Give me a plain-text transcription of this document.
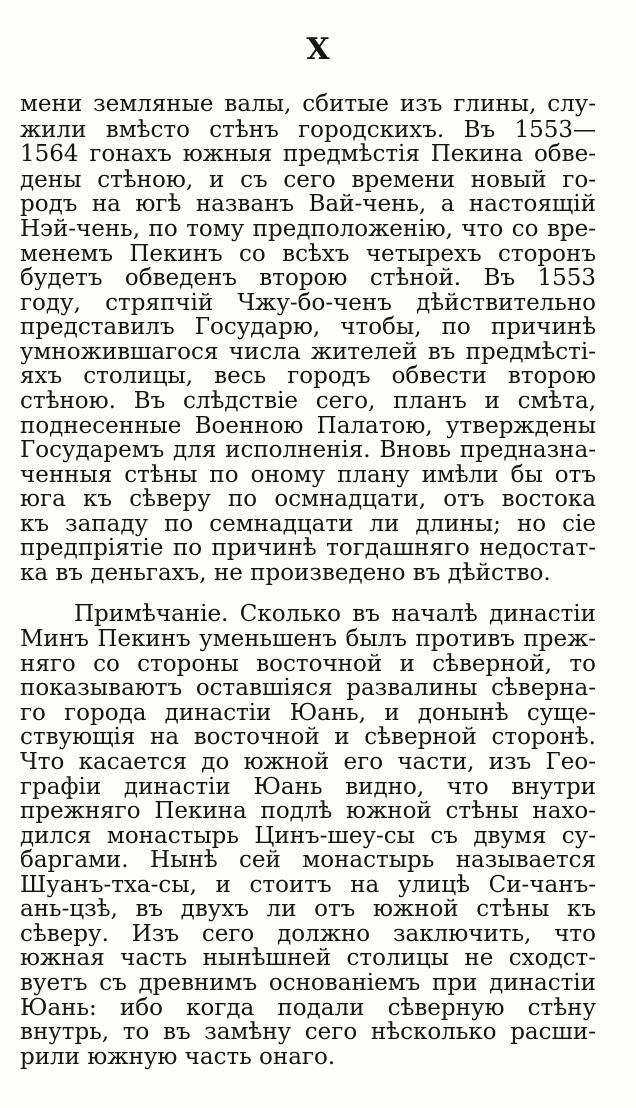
X
мени земляные валы, сбитые изъ глины, слу-
жили вмѣсто стѣнъ городскихъ. Въ 1553—
1564 гонахъ южныя предмѣстія Пекина обве-
дены стѣною, и съ сего времени новый го-
родъ на югѣ названъ Вай-чень, а настоящій
Нэй-чень, по тому предположенію, что со вре-
менемъ Пекинъ со всѣхъ четырехъ сторонъ
будетъ обведенъ второю стѣной. Въ 1553
году, стряпчій Чжу-бо-ченъ дѣйствительно
представилъ Государю, чтобы, по причинѣ
умножившагося числа жителей въ предмѣстi-
яхъ столицы, весь городъ обвести второю
стѣною. Въ слѣдствіе сего, планъ и смѣта,
поднесенные Военною Палатою, утверждены
Государемъ для исполненія. Вновь предназна-
ченныя стѣны по оному плану имѣли бы отъ
юга къ сѣверу по осмнадцати, отъ востока
къ западу по семнадцати ли длины; но сіе
предпріятіе по причинѣ тогдашняго недостат-
ка въ деньгахъ, не произведено въ дѣйство.
Примѣчаніе. Сколько въ началѣ династіи
Минъ Пекинъ уменьшенъ былъ противъ преж-
няго со стороны восточной и сѣверной, то
показываютъ оставшіяся развалины сѣверна-
го города династіи Юань, и донынѣ суще-
ствующія на восточной и сѣверной сторонѣ.
Что касается до южной его части, изъ Гео-
графіи династіи Юань видно, что внутри
прежняго Пекина подлѣ южной стѣны нахо-
дился монастырь Цинъ-шеу-сы съ двумя су-
баргами. Нынѣ сей монастырь называется
Шуанъ-тха-сы, и стоитъ на улицѣ Си-чанъ-
ань-цзѣ, въ двухъ ли отъ южной стѣны къ
сѣверу. Изъ сего должно заключить, что
южная часть нынѣшней столицы не сходст-
вуетъ съ древнимъ основаніемъ при династіи
Юань: ибо когда подали сѣверную стѣну
внутрь, то въ замѣну сего нѣсколько расши-
рили южную часть онаго.
